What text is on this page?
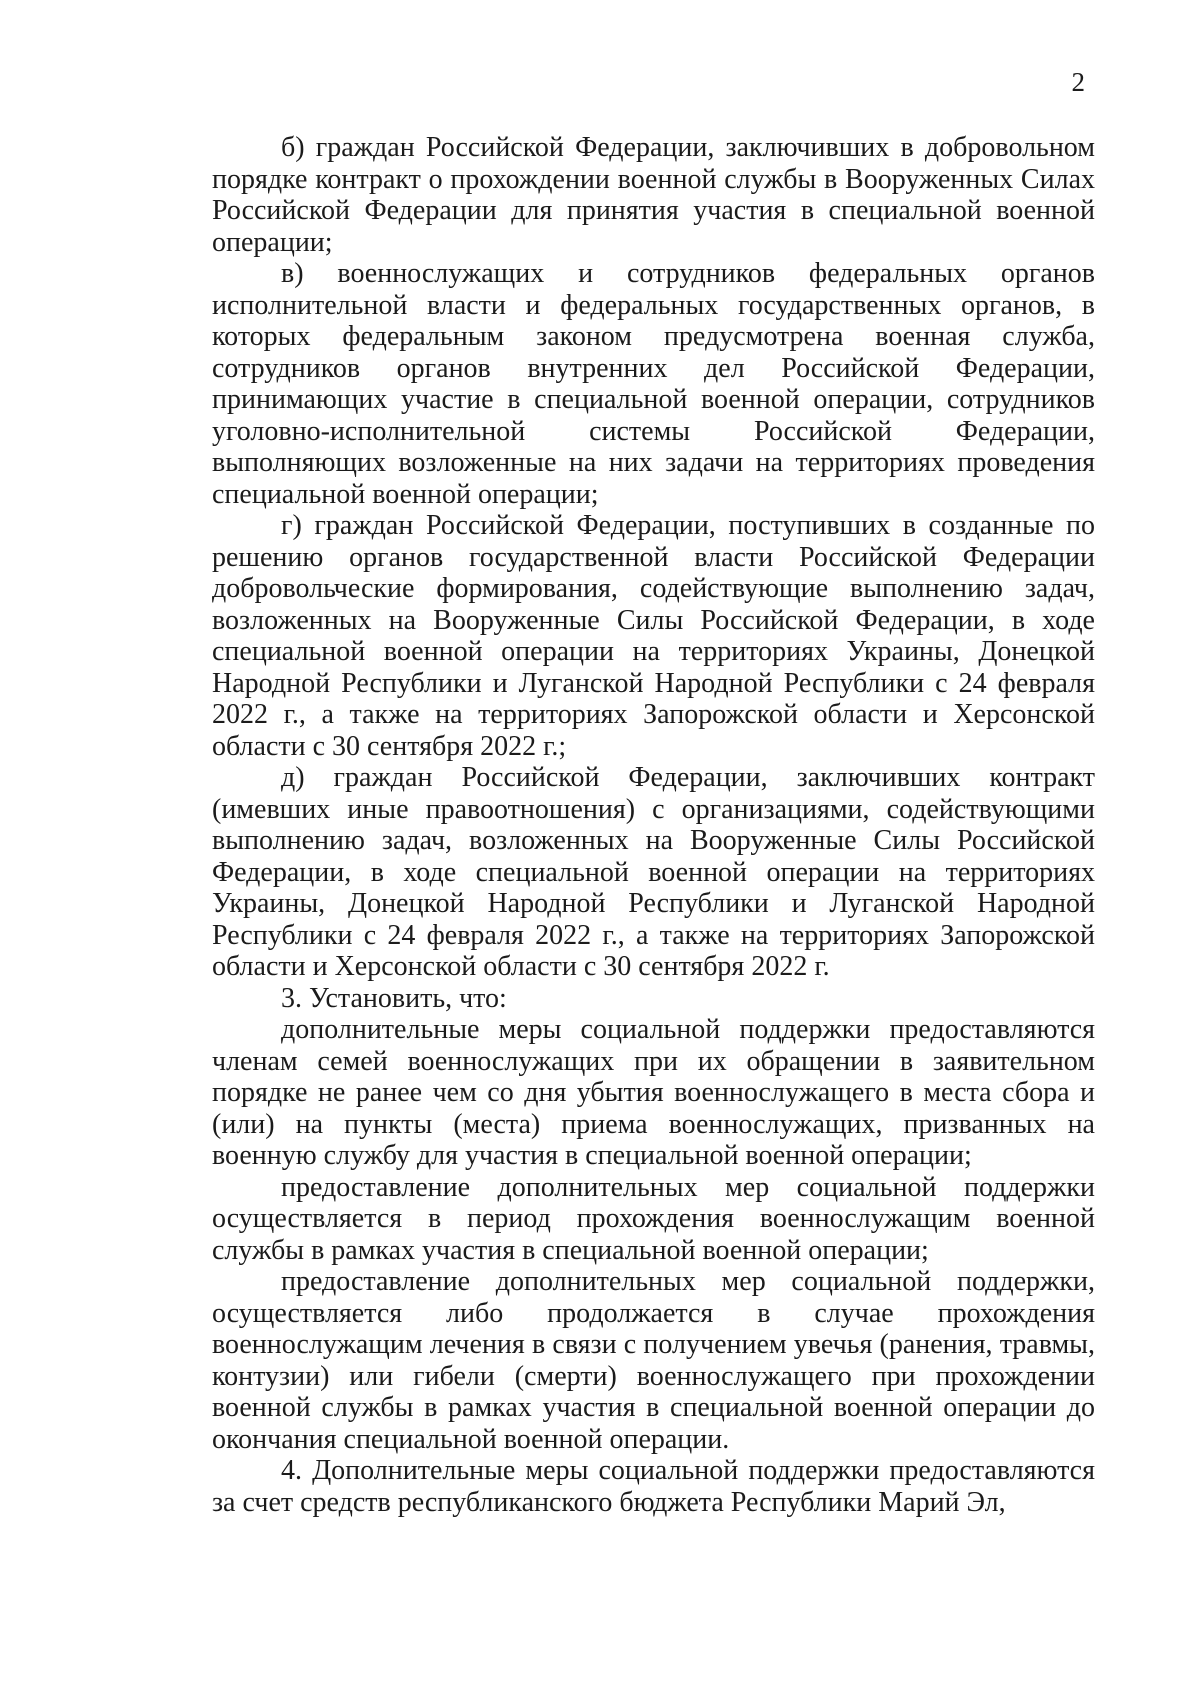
2

б) граждан Российской Федерации, заключивших в добровольном порядке контракт о прохождении военной службы в Вооруженных Силах Российской Федерации для принятия участия в специальной военной операции;

в) военнослужащих и сотрудников федеральных органов исполнительной власти и федеральных государственных органов, в которых федеральным законом предусмотрена военная служба, сотрудников органов внутренних дел Российской Федерации, принимающих участие в специальной военной операции, сотрудников уголовно-исполнительной системы Российской Федерации, выполняющих возложенные на них задачи на территориях проведения специальной военной операции;

г) граждан Российской Федерации, поступивших в созданные по решению органов государственной власти Российской Федерации добровольческие формирования, содействующие выполнению задач, возложенных на Вооруженные Силы Российской Федерации, в ходе специальной военной операции на территориях Украины, Донецкой Народной Республики и Луганской Народной Республики с 24 февраля 2022 г., а также на территориях Запорожской области и Херсонской области с 30 сентября 2022 г.;

д) граждан Российской Федерации, заключивших контракт (имевших иные правоотношения) с организациями, содействующими выполнению задач, возложенных на Вооруженные Силы Российской Федерации, в ходе специальной военной операции на территориях Украины, Донецкой Народной Республики и Луганской Народной Республики с 24 февраля 2022 г., а также на территориях Запорожской области и Херсонской области с 30 сентября 2022 г.

3. Установить, что:

дополнительные меры социальной поддержки предоставляются членам семей военнослужащих при их обращении в заявительном порядке не ранее чем со дня убытия военнослужащего в места сбора и (или) на пункты (места) приема военнослужащих, призванных на военную службу для участия в специальной военной операции;

предоставление дополнительных мер социальной поддержки осуществляется в период прохождения военнослужащим военной службы в рамках участия в специальной военной операции;

предоставление дополнительных мер социальной поддержки, осуществляется либо продолжается в случае прохождения военнослужащим лечения в связи с получением увечья (ранения, травмы, контузии) или гибели (смерти) военнослужащего при прохождении военной службы в рамках участия в специальной военной операции до окончания специальной военной операции.

4. Дополнительные меры социальной поддержки предоставляются за счет средств республиканского бюджета Республики Марий Эл,
